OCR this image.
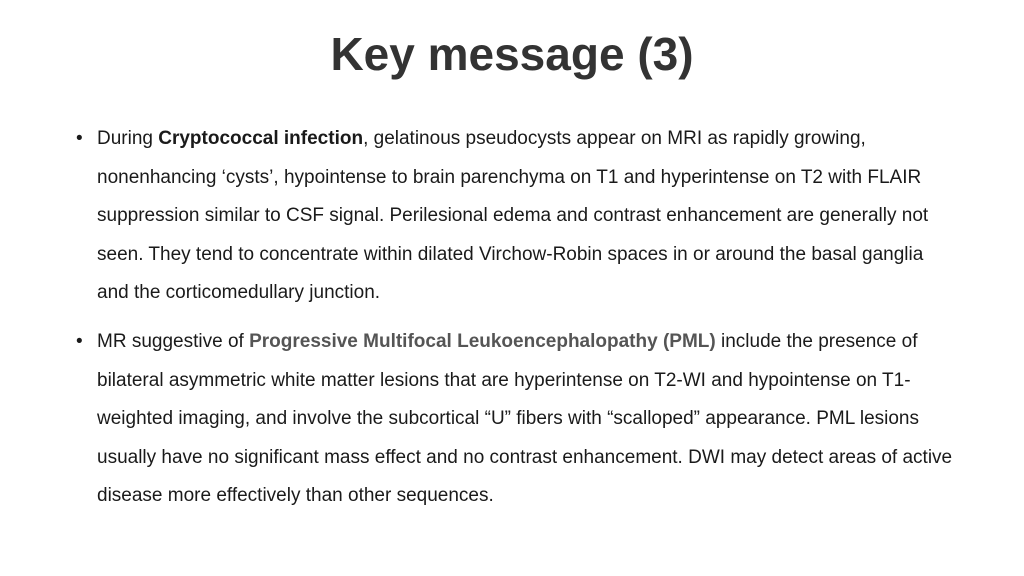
Key message (3)
• During Cryptococcal infection, gelatinous pseudocysts appear on MRI as rapidly growing, nonenhancing ‘cysts’, hypointense to brain parenchyma on T1 and hyperintense on T2 with FLAIR suppression similar to CSF signal. Perilesional edema and contrast enhancement are generally not seen. They tend to concentrate within dilated Virchow-Robin spaces in or around the basal ganglia and the corticomedullary junction.
• MR suggestive of Progressive Multifocal Leukoencephalopathy (PML) include the presence of bilateral asymmetric white matter lesions that are hyperintense on T2-WI and hypointense on T1-weighted imaging, and involve the subcortical “U” fibers with “scalloped” appearance. PML lesions usually have no significant mass effect and no contrast enhancement. DWI may detect areas of active disease more effectively than other sequences.
